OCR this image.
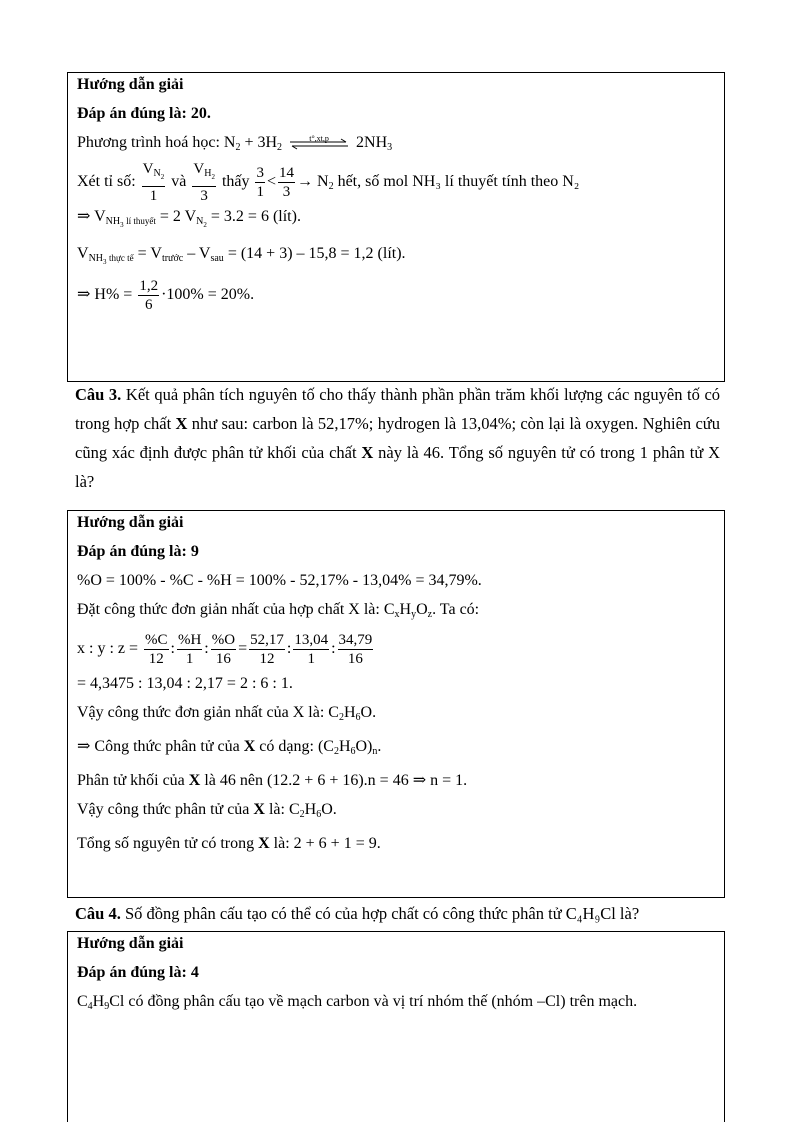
Hướng dẫn giải
Đáp án đúng là: 20.
Phương trình hoá học: $N_2 + 3H_2$
t°,xt,p	$2NH_3$
Xét tỉ số: $\frac{V_{N_2}}{1}$ và $\frac{V_{H_2}}{3}$ thấy $\frac{3}{1} < \frac{14}{3} \to N_2$ hết, số mol NH₃ lí thuyết tính theo N₂
⇒ $V_{NH_3 lí thuyết} = 2$ $V_{N_2} = 3.2 = 6$ (lít).
$V_{NH_3 thực tế} = V_{trước} - V_{sau} = (14 + 3) - 15,8 = 1,2$ (lít).
⇒ $H\% = \frac{1,2}{6} \cdot 100\% = 20\%$.
Câu 3. Kết quả phân tích nguyên tố cho thấy thành phần phần trăm khối lượng các nguyên tố có trong hợp chất X như sau: carbon là 52,17%; hydrogen là 13,04%; còn lại là oxygen. Nghiên cứu cũng xác định được phân tử khối của chất X này là 46. Tổng số nguyên tử có trong 1 phân tử X là?
Hướng dẫn giải
Đáp án đúng là: 9
%O = 100% - %C - %H = 100% - 52,17% - 13,04% = 34,79%.
Đặt công thức đơn giản nhất của hợp chất X là: $C_xH_yO_z$. Ta có:
x : y : $z = \frac{\%C}{12}$ : $\frac{\%H}{1}$ : $\frac{\%O}{16} = \frac{52,17}{12}$ : $\frac{13,04}{1}$ : $\frac{34,79}{16}$
= 4,3475 : 13,04 : 2,17 = 2 : 6 : 1.
Vậy công thức đơn giản nhất của X là: $C_2H_6O$.
⇒ Công thức phân tử của X có dạng: $(C_2H_6O)_n$.
Phân tử khối của X là 46 nên (12.2 + 6 + 16).n = 46 ⇒ n = 1.
Vậy công thức phân tử của X là: $C_2H_6O$.
Tổng số nguyên tử có trong X là: 2 + 6 + 1 = 9.
Câu 4. Số đồng phân cấu tạo có thể có của hợp chất có công thức phân tử C₄H₉Cl là?
Hướng dẫn giải
Đáp án đúng là: 4
$C_4H_9Cl$ có đồng phân cấu tạo về mạch carbon và vị trí nhóm thế (nhóm –Cl) trên mạch.
